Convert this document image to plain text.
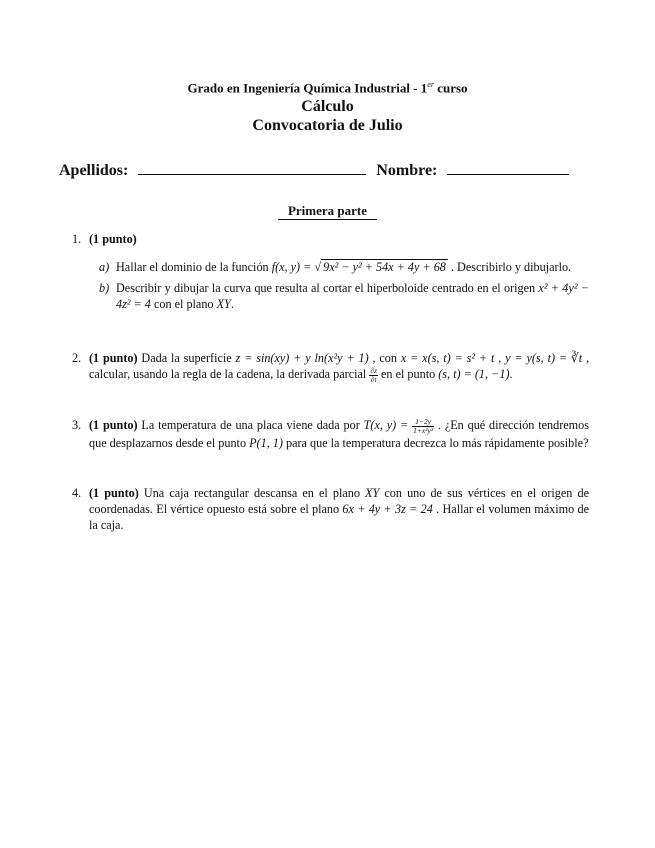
Grado en Ingeniería Química Industrial - 1er curso
Cálculo
Convocatoria de Julio
Apellidos:	Nombre:
Primera parte
1. (1 punto)
a) Hallar el dominio de la función f(x, y) = √ 9x² − y² + 54x + 4y + 68 . Describirlo y dibujarlo.
b) Describir y dibujar la curva que resulta al cortar el hiperboloide centrado en el origen x² + 4y² − 4z² = 4 con el plano XY.
2. (1 punto) Dada la superficie z = sin(xy) + y ln(x²y + 1) , con x = x(s, t) = s² + t , y = y(s, t) = ∛t , calcular, usando la regla de la cadena, la derivada parcial $\frac{\partial z}{\partial t}$ en el punto (s, t) = (1, −1).
3. (1 punto) La temperatura de una placa viene dada por T(x, $y) = \frac{1-2y}{\text{1+x²y²}}$ . ¿En qué dirección tendremos que desplazarnos desde el punto P(1, 1) para que la temperatura decrezca lo más rápidamente posible?
4. (1 punto) Una caja rectangular descansa en el plano XY con uno de sus vértices en el origen de coordenadas. El vértice opuesto está sobre el plano 6x + 4y + 3z = 24 . Hallar el volumen máximo de la caja.
